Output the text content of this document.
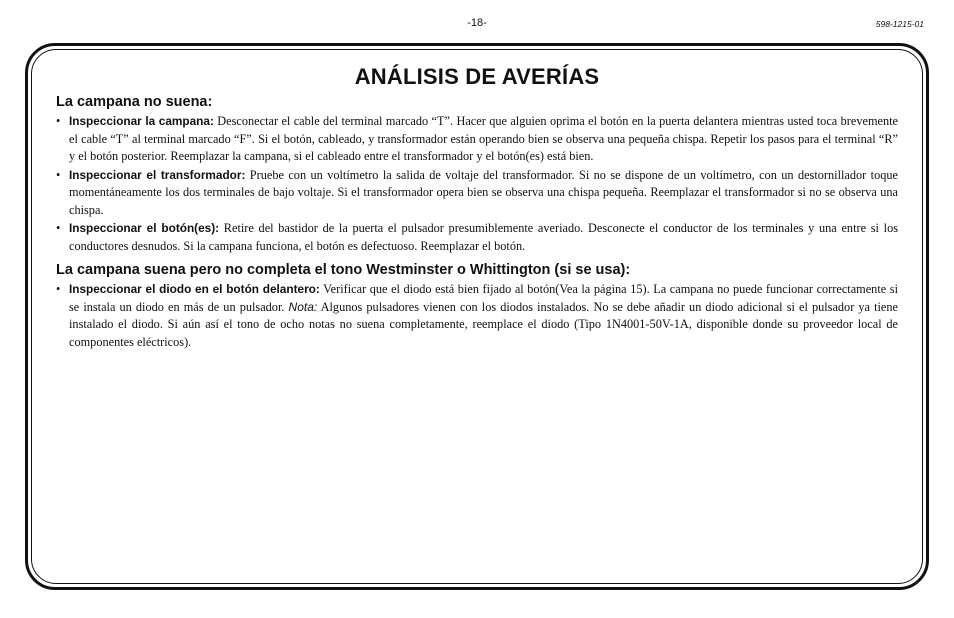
-18-	598-1215-01
ANÁLISIS DE AVERÍAS
La campana no suena:
• Inspeccionar la campana: Desconectar el cable del terminal marcado “T”. Hacer que alguien oprima el botón en la puerta delantera mientras usted toca brevemente el cable “T” al terminal marcado “F”. Si el botón, cableado, y transformador están operando bien se observa una pequeña chispa. Repetir los pasos para el terminal “R” y el botón posterior. Reemplazar la campana, si el cableado entre el transformador y el botón(es) está bien.
• Inspeccionar el transformador: Pruebe con un voltímetro la salida de voltaje del transformador. Si no se dispone de un voltímetro, con un destornillador toque momentáneamente los dos terminales de bajo voltaje. Si el transformador opera bien se observa una chispa pequeña. Reemplazar el transformador si no se observa una chispa.
• Inspeccionar el botón(es): Retire del bastidor de la puerta el pulsador presumiblemente averiado. Desconecte el conductor de los terminales y una entre si los conductores desnudos. Si la campana funciona, el botón es defectuoso. Reemplazar el botón.
La campana suena pero no completa el tono Westminster o Whittington (si se usa):
• Inspeccionar el diodo en el botón delantero: Verificar que el diodo está bien fijado al botón(Vea la página 15). La campana no puede funcionar correctamente si se instala un diodo en más de un pulsador. Nota: Algunos pulsadores vienen con los diodos instalados. No se debe añadir un diodo adicional si el pulsador ya tiene instalado el diodo. Si aún así el tono de ocho notas no suena completamente, reemplace el diodo (Tipo 1N4001-50V-1A, disponible donde su proveedor local de componentes eléctricos).
